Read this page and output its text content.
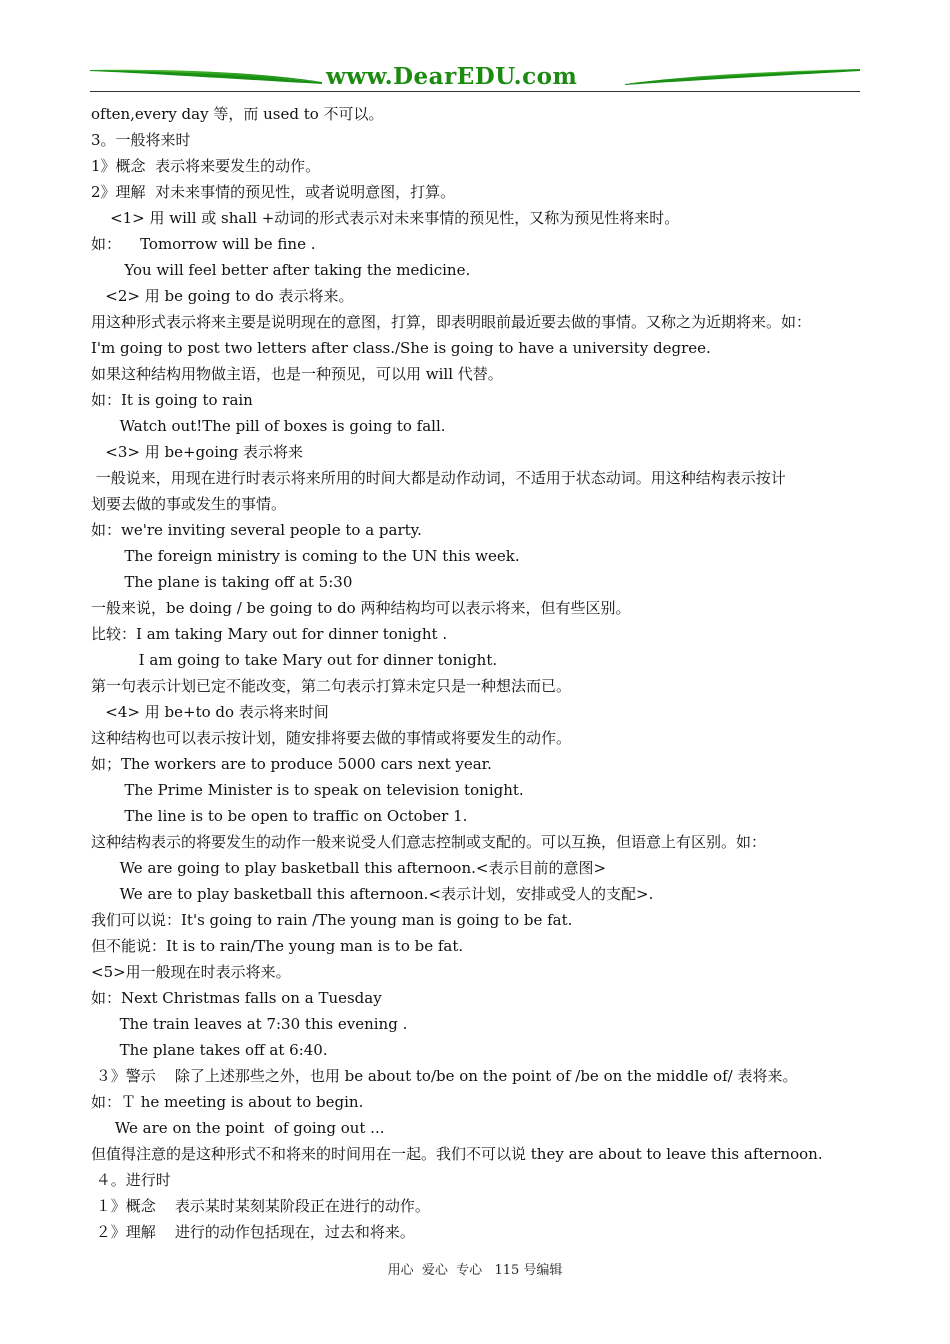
www.DearEDU.com
often,every day 等，而 used to 不可以。
3。一般将来时
1》概念  表示将来要发生的动作。
2》理解  对未来事情的预见性，或者说明意图，打算。
<1> 用 will 或 shall +动词的形式表示对未来事情的预见性，又称为预见性将来时。
如：    Tomorrow will be fine .
You will feel better after taking the medicine.
<2> 用 be going to do 表示将来。
用这种形式表示将来主要是说明现在的意图，打算，即表明眼前最近要去做的事情。又称之为近期将来。如：
I'm going to post two letters after class./She is going to have a university degree.
如果这种结构用物做主语，也是一种预见，可以用 will 代替。
如：It is going to rain
Watch out!The pill of boxes is going to fall.
<3> 用 be+going 表示将来
一般说来，用现在进行时表示将来所用的时间大都是动作动词，不适用于状态动词。用这种结构表示按计
划要去做的事或发生的事情。
如：we're inviting several people to a party.
The foreign ministry is coming to the UN this week.
The plane is taking off at 5:30
一般来说，be doing / be going to do 两种结构均可以表示将来，但有些区别。
比较：I am taking Mary out for dinner tonight .
I am going to take Mary out for dinner tonight.
第一句表示计划已定不能改变，第二句表示打算未定只是一种想法而已。
<4> 用 be+to do 表示将来时间
这种结构也可以表示按计划，随安排将要去做的事情或将要发生的动作。
如；The workers are to produce 5000 cars next year.
The Prime Minister is to speak on television tonight.
The line is to be open to traffic on October 1.
这种结构表示的将要发生的动作一般来说受人们意志控制或支配的。可以互换，但语意上有区别。如：
We are going to play basketball this afternoon.<表示目前的意图>
We are to play basketball this afternoon.<表示计划，安排或受人的支配>.
我们可以说：It's going to rain /The young man is going to be fat.
但不能说：It is to rain/The young man is to be fat.
<5>用一般现在时表示将来。
如：Next Christmas falls on a Tuesday
The train leaves at 7:30 this evening .
The plane takes off at 6:40.
３》警示    除了上述那些之外，也用 be about to/be on the point of /be on the middle of/ 表将来。
如：Ｔ he meeting is about to begin.
We are on the point  of going out ...
但值得注意的是这种形式不和将来的时间用在一起。我们不可以说 they are about to leave this afternoon.
４。进行时
１》概念    表示某时某刻某阶段正在进行的动作。
２》理解    进行的动作包括现在，过去和将来。
用心  爱心  专心   115 号编辑
